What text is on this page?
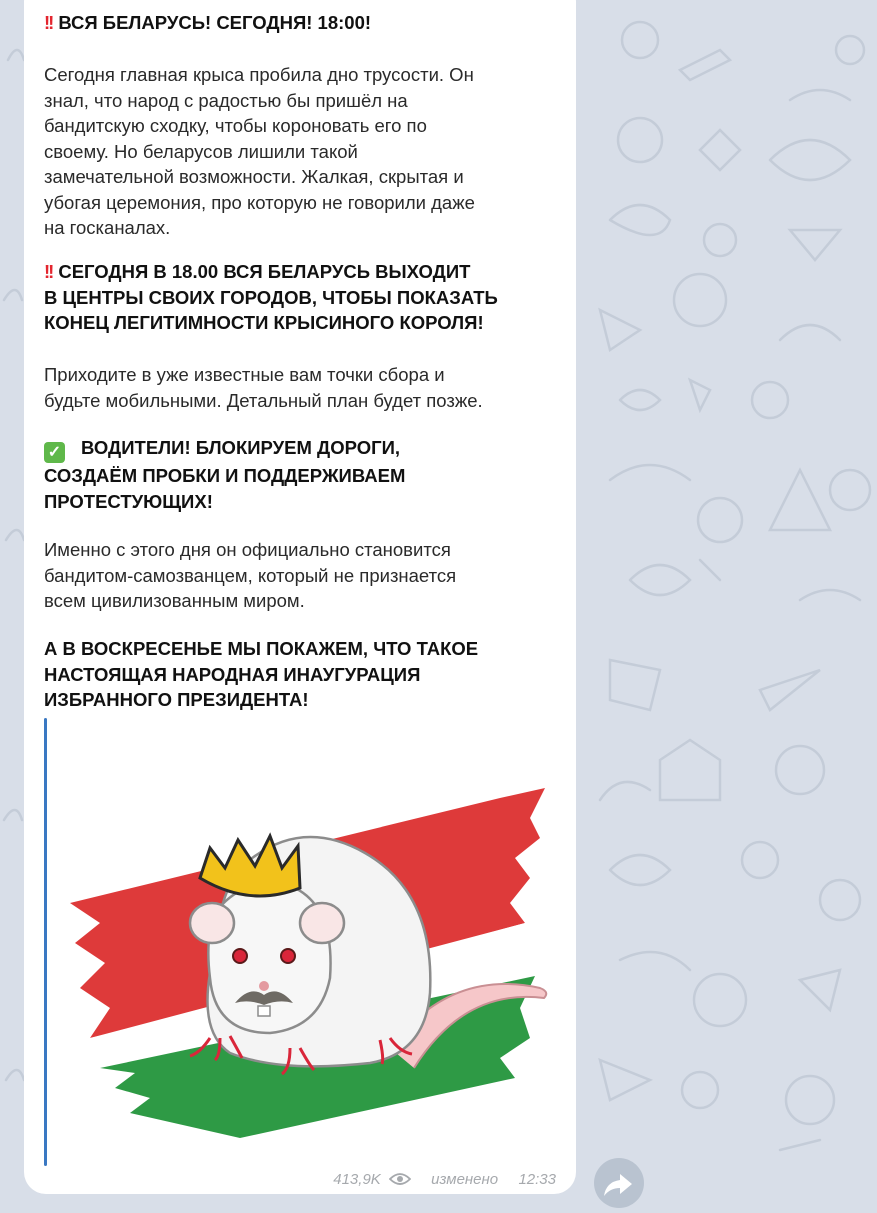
!! ВСЯ БЕЛАРУСЬ! СЕГОДНЯ! 18:00!

Сегодня главная крыса пробила дно трусости. Он
знал, что народ с радостью бы пришёл на
бандитскую сходку, чтобы короновать его по
своему. Но беларусов лишили такой
замечательной возможности. Жалкая, скрытая и
убогая церемония, про которую не говорили даже
на госканалах.

!! СЕГОДНЯ В 18.00 ВСЯ БЕЛАРУСЬ ВЫХОДИТ
В ЦЕНТРЫ СВОИХ ГОРОДОВ, ЧТОБЫ ПОКАЗАТЬ
КОНЕЦ ЛЕГИТИМНОСТИ КРЫСИНОГО КОРОЛЯ!

Приходите в уже известные вам точки сбора и
будьте мобильными. Детальный план будет позже.

✓ ВОДИТЕЛИ! БЛОКИРУЕМ ДОРОГИ,
СОЗДАЁМ ПРОБКИ И ПОДДЕРЖИВАЕМ
ПРОТЕСТУЮЩИХ!

Именно с этого дня он официально становится
бандитом-самозванцем, который не признается
всем цивилизованным миром.

А В ВОСКРЕСЕНЬЕ МЫ ПОКАЖЕМ, ЧТО ТАКОЕ
НАСТОЯЩАЯ НАРОДНАЯ ИНАУГУРАЦИЯ
ИЗБРАННОГО ПРЕЗИДЕНТА!

413,9K	изменено 12:33
